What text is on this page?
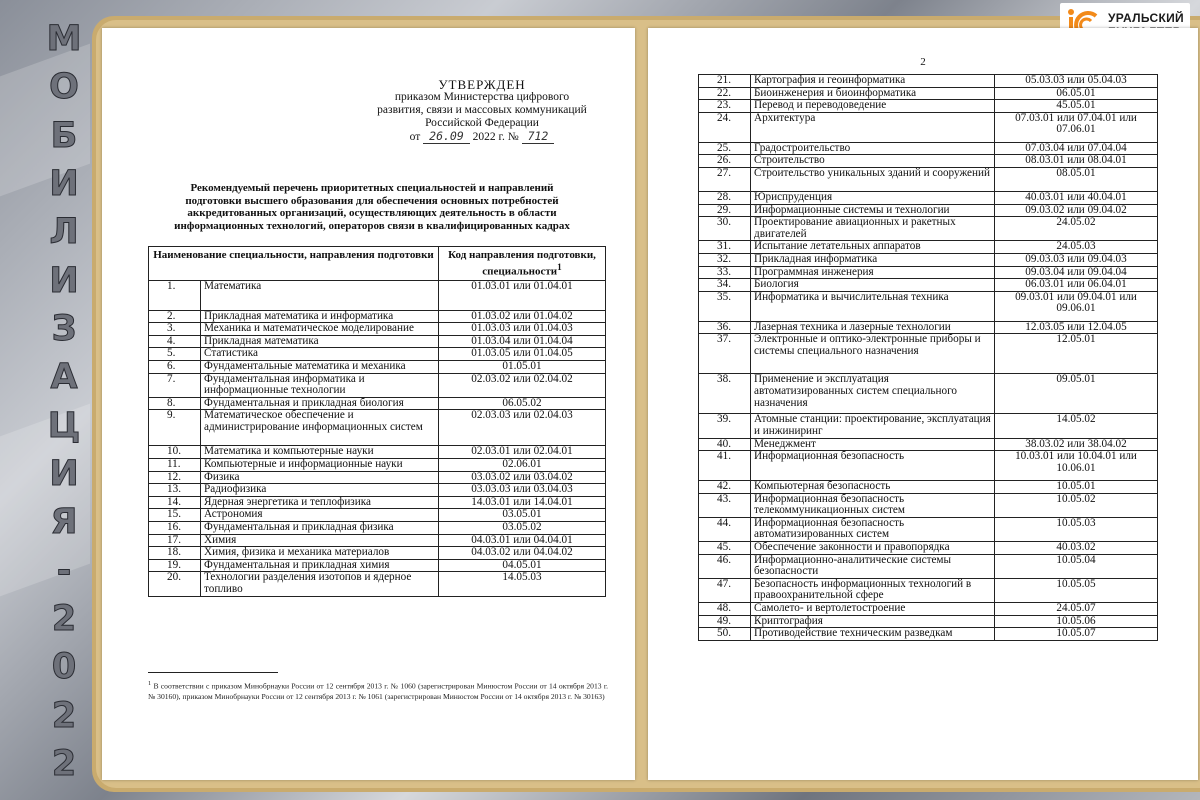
М
О
Б
И
Л
И
З
А
Ц
И
Я
-
2
0
2
2
УРАЛЬСКИЙ
УТВЕРЖДЕН
приказом Министерства цифрового
развития, связи и массовых коммуникаций
Российской Федерации
от 26.09 2022 г. № 712
Рекомендуемый перечень приоритетных специальностей и направлений подготовки высшего образования для обеспечения основных потребностей аккредитованных организаций, осуществляющих деятельность в области информационных технологий, операторов связи в квалифицированных кадрах
Наименование специальности, направления подготовки		Код направления подготовки, специальности$^1$
1.	Математика	01.03.01 или 01.04.01
2.	Прикладная математика и информатика	01.03.02 или 01.04.02
3.	Механика и математическое моделирование	01.03.03 или 01.04.03
4.	Прикладная математика	01.03.04 или 01.04.04
5.	Статистика	01.03.05 или 01.04.05
6.	Фундаментальные математика и механика	01.05.01
7.	Фундаментальная информатика и информационные технологии	02.03.02 или 02.04.02
8.	Фундаментальная и прикладная биология	06.05.02
9.	Математическое обеспечение и администрирование информационных систем	02.03.03 или 02.04.03
10.	Математика и компьютерные науки	02.03.01 или 02.04.01
11.	Компьютерные и информационные науки	02.06.01
12.	Физика	03.03.02 или 03.04.02
13.	Радиофизика	03.03.03 или 03.04.03
14.	Ядерная энергетика и теплофизика	14.03.01 или 14.04.01
15.	Астрономия	03.05.01
16.	Фундаментальная и прикладная физика	03.05.02
17.	Химия	04.03.01 или 04.04.01
18.	Химия, физика и механика материалов	04.03.02 или 04.04.02
19.	Фундаментальная и прикладная химия	04.05.01
20.	Технологии разделения изотопов и ядерное топливо	14.05.03
$^1$ В соответствии с приказом Минобрнауки России от 12 сентября 2013 г. № 1060 (зарегистрирован Минюстом России от 14 октября 2013 г. № 30160), приказом Минобрнауки России от 12 сентября 2013 г. № 1061 (зарегистрирован Минюстом России от 14 октября 2013 г. № 30163)
2
21.	Картография и геоинформатика	05.03.03 или 05.04.03
22.	Биоинженерия и биоинформатика	06.05.01
23.	Перевод и переводоведение	45.05.01
24.	Архитектура	07.03.01 или 07.04.01 или 07.06.01
25.	Градостроительство	07.03.04 или 07.04.04
26.	Строительство	08.03.01 или 08.04.01
27.	Строительство уникальных зданий и сооружений	08.05.01
28.	Юриспруденция	40.03.01 или 40.04.01
29.	Информационные системы и технологии	09.03.02 или 09.04.02
30.	Проектирование авиационных и ракетных двигателей	24.05.02
31.	Испытание летательных аппаратов	24.05.03
32.	Прикладная информатика	09.03.03 или 09.04.03
33.	Программная инженерия	09.03.04 или 09.04.04
34.	Биология	06.03.01 или 06.04.01
35.	Информатика и вычислительная техника	09.03.01 или 09.04.01 или 09.06.01
36.	Лазерная техника и лазерные технологии	12.03.05 или 12.04.05
37.	Электронные и оптико-электронные приборы и системы специального назначения	12.05.01
38.	Применение и эксплуатация автоматизированных систем специального назначения	09.05.01
39.	Атомные станции: проектирование, эксплуатация и инжиниринг	14.05.02
40.	Менеджмент	38.03.02 или 38.04.02
41.	Информационная безопасность	10.03.01 или 10.04.01 или 10.06.01
42.	Компьютерная безопасность	10.05.01
43.	Информационная безопасность телекоммуникационных систем	10.05.02
44.	Информационная безопасность автоматизированных систем	10.05.03
45.	Обеспечение законности и правопорядка	40.03.02
46.	Информационно-аналитические системы безопасности	10.05.04
47.	Безопасность информационных технологий в правоохранительной сфере	10.05.05
48.	Самолето- и вертолетостроение	24.05.07
49.	Криптография	10.05.06
50.	Противодействие техническим разведкам	10.05.07
